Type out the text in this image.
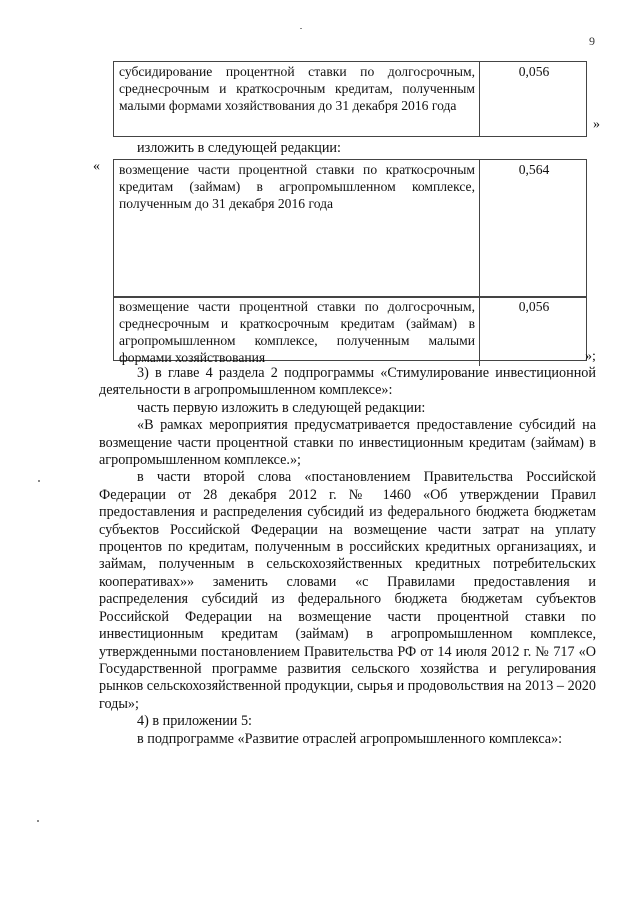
9
субсидирование процентной ставки по долгосрочным, среднесрочным и краткосрочным кредитам, полученным малыми формами хозяйствования до 31 декабря 2016 года
0,056
»

изложить в следующей редакции:

«	возмещение части процентной ставки по краткосрочным кредитам (займам) в агропромышленном комплексе, полученным до 31 декабря 2016 года
0,564
возмещение части процентной ставки по долгосрочным, среднесрочным и краткосрочным кредитам (займам) в агропромышленном комплексе, полученным малыми формами хозяйствования
0,056
»;

3) в главе 4 раздела 2 подпрограммы «Стимулирование инвестиционной деятельности в агропромышленном комплексе»:

часть первую изложить в следующей редакции:

«В рамках мероприятия предусматривается предоставление субсидий на возмещение части процентной ставки по инвестиционным кредитам (займам) в агропромышленном комплексе.»;

в части второй слова «постановлением Правительства Российской Федерации от 28 декабря 2012 г. № 1460 «Об утверждении Правил предоставления и распределения субсидий из федерального бюджета бюджетам субъектов Российской Федерации на возмещение части затрат на уплату процентов по кредитам, полученным в российских кредитных организациях, и займам, полученным в сельскохозяйственных кредитных потребительских кооперативах»» заменить словами «с Правилами предоставления и распределения субсидий из федерального бюджета бюджетам субъектов Российской Федерации на возмещение части процентной ставки по инвестиционным кредитам (займам) в агропромышленном комплексе, утвержденными постановлением Правительства РФ от 14 июля 2012 г. № 717 «О Государственной программе развития сельского хозяйства и регулирования рынков сельскохозяйственной продукции, сырья и продовольствия на 2013 – 2020 годы»;

4) в приложении 5:

в подпрограмме «Развитие отраслей агропромышленного комплекса»:
